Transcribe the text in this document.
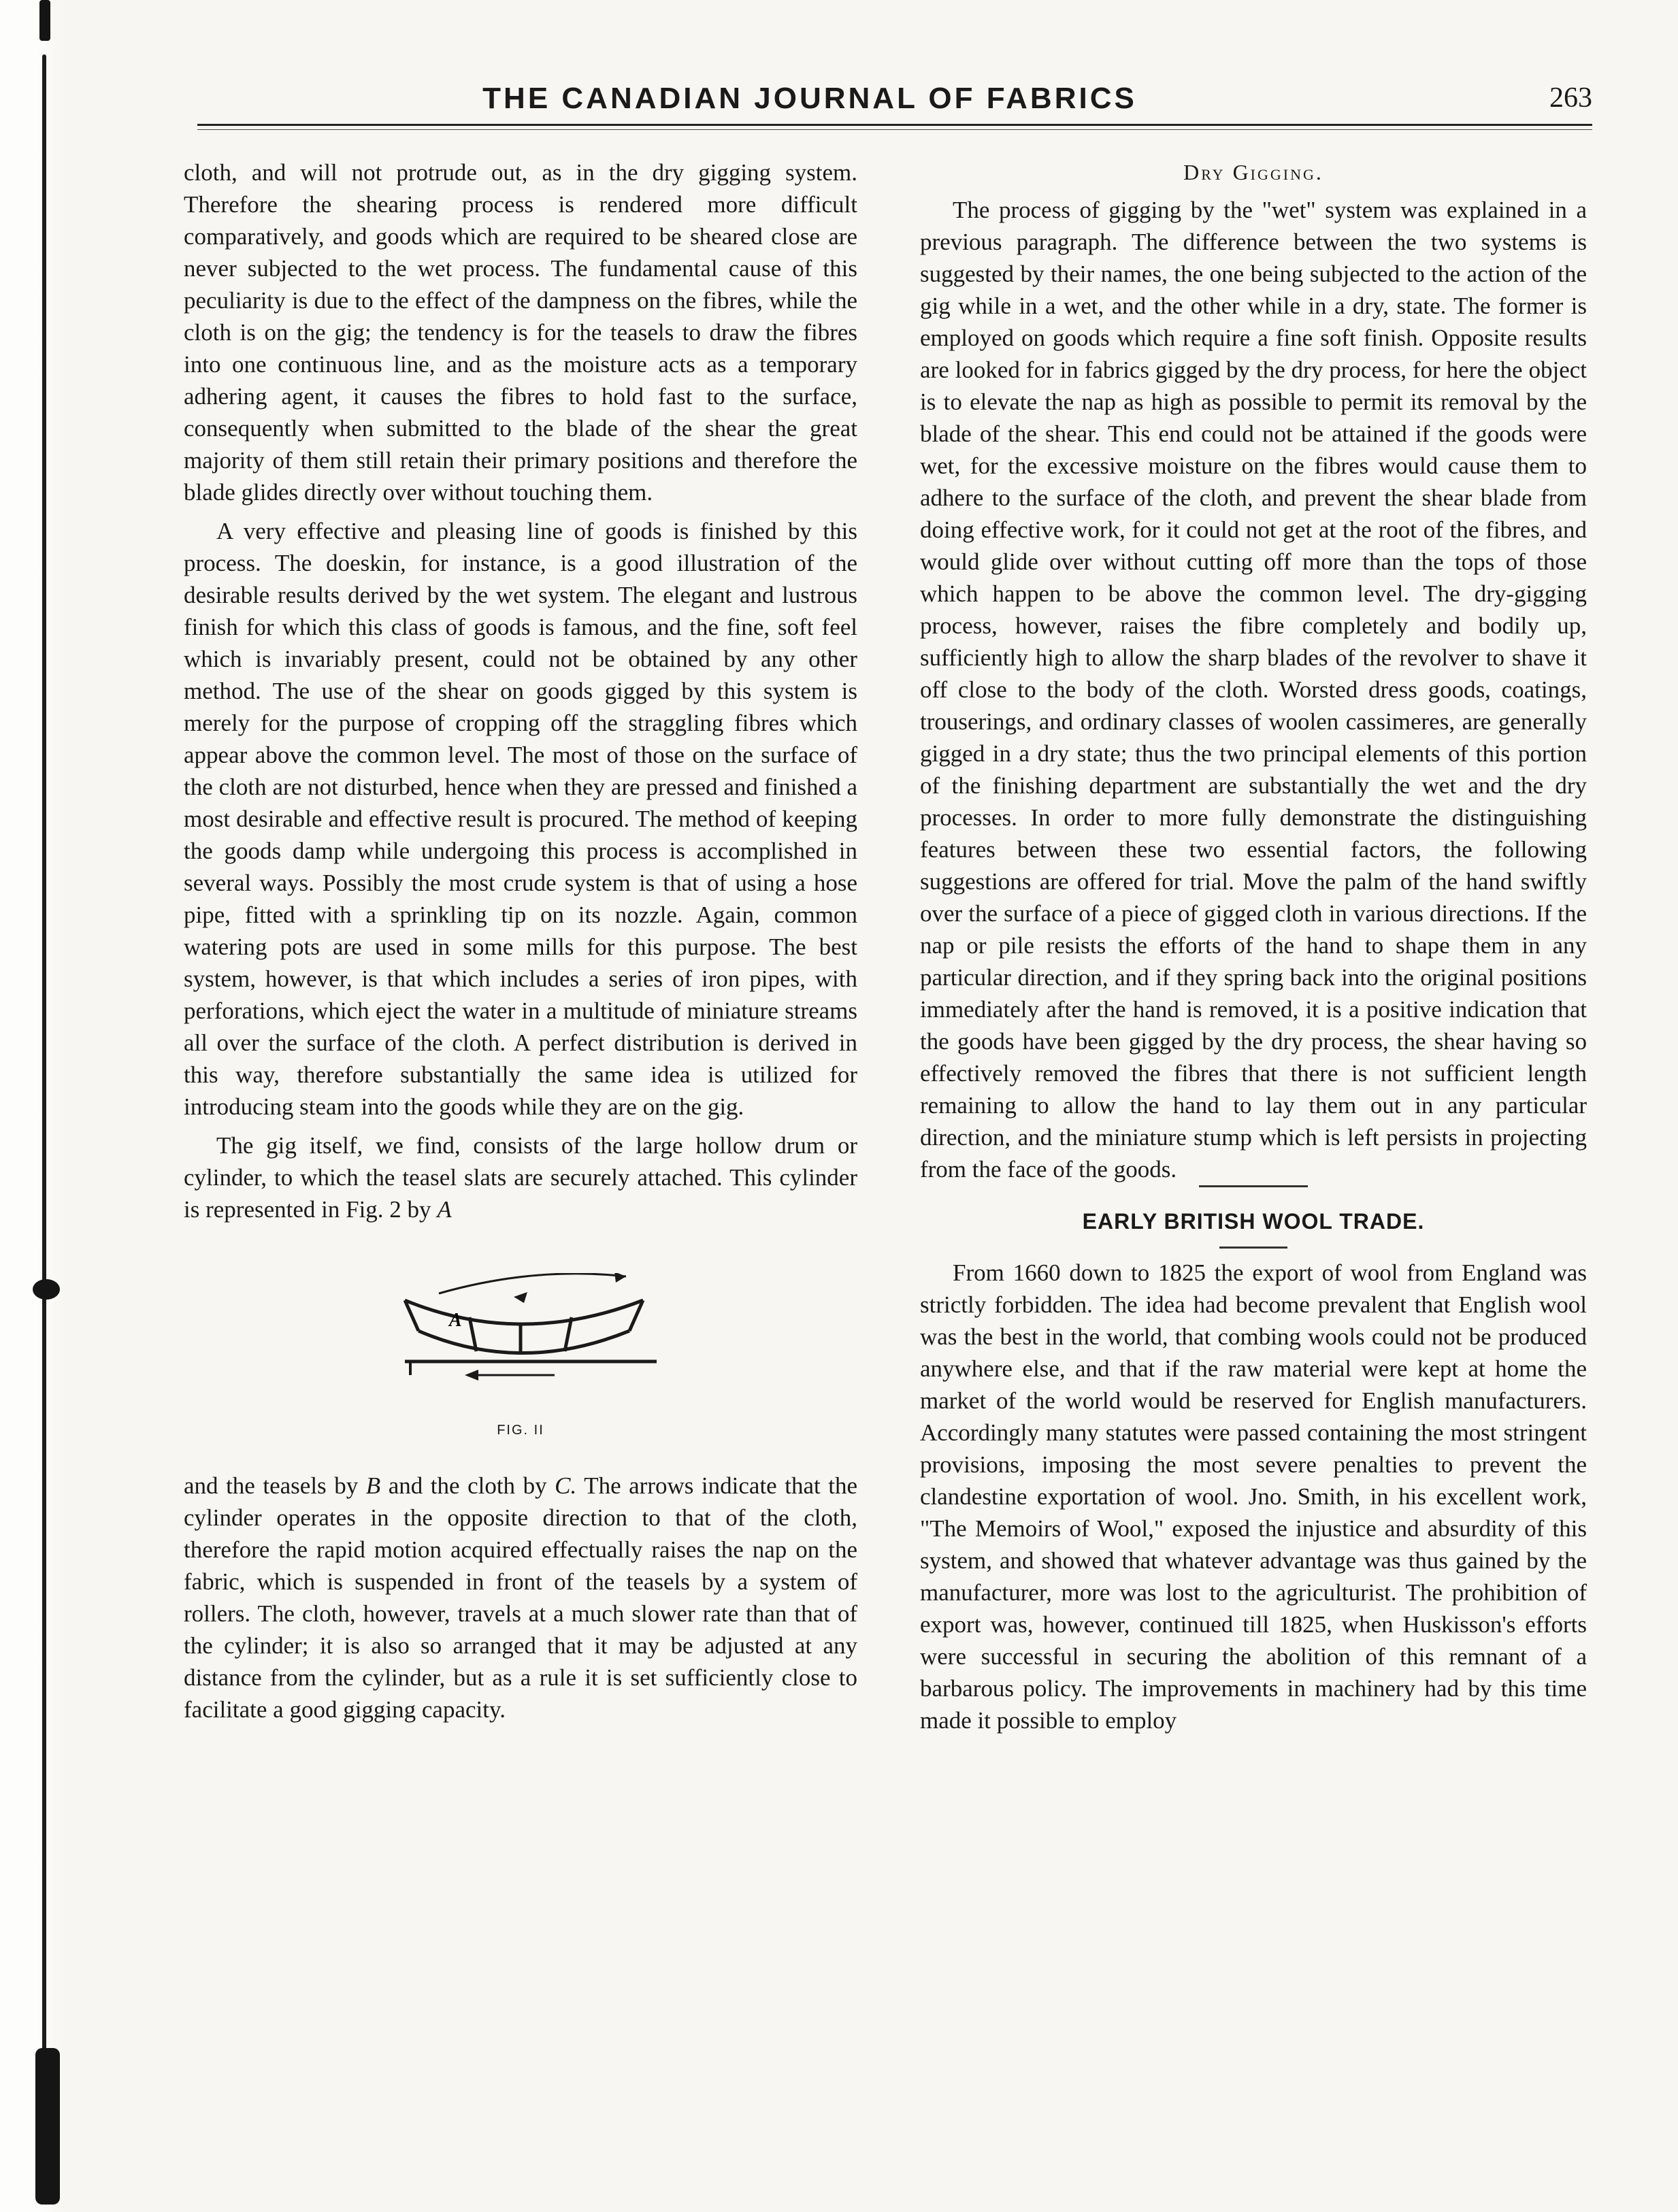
THE CANADIAN JOURNAL OF FABRICS	263

cloth, and will not protrude out, as in the dry gigging system. Therefore the shearing process is rendered more difficult comparatively, and goods which are required to be sheared close are never subjected to the wet process. The fundamental cause of this peculiarity is due to the effect of the dampness on the fibres, while the cloth is on the gig; the tendency is for the teasels to draw the fibres into one continuous line, and as the moisture acts as a temporary adhering agent, it causes the fibres to hold fast to the surface, consequently when submitted to the blade of the shear the great majority of them still retain their primary positions and therefore the blade glides directly over without touching them.

A very effective and pleasing line of goods is finished by this process. The doeskin, for instance, is a good illustration of the desirable results derived by the wet system. The elegant and lustrous finish for which this class of goods is famous, and the fine, soft feel which is invariably present, could not be obtained by any other method. The use of the shear on goods gigged by this system is merely for the purpose of cropping off the straggling fibres which appear above the common level. The most of those on the surface of the cloth are not disturbed, hence when they are pressed and finished a most desirable and effective result is procured. The method of keeping the goods damp while undergoing this process is accomplished in several ways. Possibly the most crude system is that of using a hose pipe, fitted with a sprinkling tip on its nozzle. Again, common watering pots are used in some mills for this purpose. The best system, however, is that which includes a series of iron pipes, with perforations, which eject the water in a multitude of miniature streams all over the surface of the cloth. A perfect distribution is derived in this way, therefore substantially the same idea is utilized for introducing steam into the goods while they are on the gig.

The gig itself, we find, consists of the large hollow drum or cylinder, to which the teasel slats are securely attached. This cylinder is represented in Fig. 2 by A

A
FIG. II

and the teasels by B and the cloth by C. The arrows indicate that the cylinder operates in the opposite direction to that of the cloth, therefore the rapid motion acquired effectually raises the nap on the fabric, which is suspended in front of the teasels by a system of rollers. The cloth, however, travels at a much slower rate than that of the cylinder; it is also so arranged that it may be adjusted at any distance from the cylinder, but as a rule it is set sufficiently close to facilitate a good gigging capacity.

Dry Gigging.

The process of gigging by the "wet" system was explained in a previous paragraph. The difference between the two systems is suggested by their names, the one being subjected to the action of the gig while in a wet, and the other while in a dry, state. The former is employed on goods which require a fine soft finish. Opposite results are looked for in fabrics gigged by the dry process, for here the object is to elevate the nap as high as possible to permit its removal by the blade of the shear. This end could not be attained if the goods were wet, for the excessive moisture on the fibres would cause them to adhere to the surface of the cloth, and prevent the shear blade from doing effective work, for it could not get at the root of the fibres, and would glide over without cutting off more than the tops of those which happen to be above the common level. The dry-gigging process, however, raises the fibre completely and bodily up, sufficiently high to allow the sharp blades of the revolver to shave it off close to the body of the cloth. Worsted dress goods, coatings, trouserings, and ordinary classes of woolen cassimeres, are generally gigged in a dry state; thus the two principal elements of this portion of the finishing department are substantially the wet and the dry processes. In order to more fully demonstrate the distinguishing features between these two essential factors, the following suggestions are offered for trial. Move the palm of the hand swiftly over the surface of a piece of gigged cloth in various directions. If the nap or pile resists the efforts of the hand to shape them in any particular direction, and if they spring back into the original positions immediately after the hand is removed, it is a positive indication that the goods have been gigged by the dry process, the shear having so effectively removed the fibres that there is not sufficient length remaining to allow the hand to lay them out in any particular direction, and the miniature stump which is left persists in projecting from the face of the goods.

EARLY BRITISH WOOL TRADE.

From 1660 down to 1825 the export of wool from England was strictly forbidden. The idea had become prevalent that English wool was the best in the world, that combing wools could not be produced anywhere else, and that if the raw material were kept at home the market of the world would be reserved for English manufacturers. Accordingly many statutes were passed containing the most stringent provisions, imposing the most severe penalties to prevent the clandestine exportation of wool. Jno. Smith, in his excellent work, "The Memoirs of Wool," exposed the injustice and absurdity of this system, and showed that whatever advantage was thus gained by the manufacturer, more was lost to the agriculturist. The prohibition of export was, however, continued till 1825, when Huskisson's efforts were successful in securing the abolition of this remnant of a barbarous policy. The improvements in machinery had by this time made it possible to employ
